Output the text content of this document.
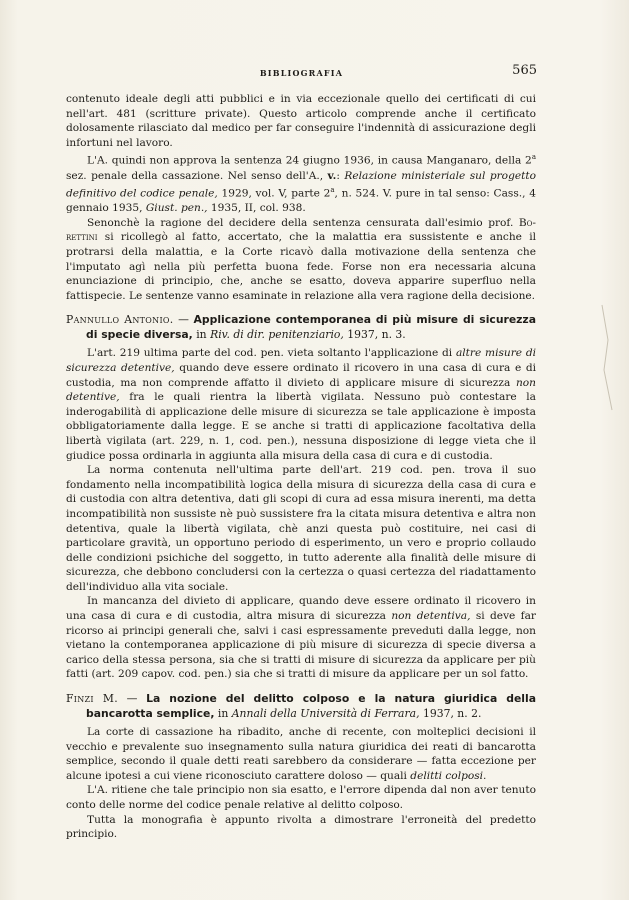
BIBLIOGRAFIA	565

contenuto ideale degli atti pubblici e in via eccezionale quello dei certificati di cui nell'art. 481 (scritture private). Questo articolo comprende anche il certificato dolosamente rilasciato dal medico per far conseguire l'indennità di assicurazione degli infortuni nel lavoro.

L'A. quindi non approva la sentenza 24 giugno 1936, in causa Manganaro, della 2$^a$ sez. penale della cassazione. Nel senso dell'A., v.: Relazione ministeriale sul progetto definitivo del codice penale, 1929, vol. V, parte 2$^a$, n. 524. V. pure in tal senso: Cass., 4 gennaio 1935, Giust. pen., 1935, II, col. 938.

Senonchè la ragione del decidere della sentenza censurata dall'esimio prof. Borettini si ricollegò al fatto, accertato, che la malattia era sussistente e anche il protrarsi della malattia, e la Corte ricavò dalla motivazione della sentenza che l'imputato agì nella più perfetta buona fede. Forse non era necessaria alcuna enunciazione di principio, che, anche se esatto, doveva apparire superfluo nella fattispecie. Le sentenze vanno esaminate in relazione alla vera ragione della decisione.

Pannullo Antonio. — Applicazione contemporanea di più misure di sicurezza di specie diversa, in Riv. di dir. penitenziario, 1937, n. 3.

L'art. 219 ultima parte del cod. pen. vieta soltanto l'applicazione di altre misure di sicurezza detentive, quando deve essere ordinato il ricovero in una casa di cura e di custodia, ma non comprende affatto il divieto di applicare misure di sicurezza non detentive, fra le quali rientra la libertà vigilata. Nessuno può contestare la inderogabilità di applicazione delle misure di sicurezza se tale applicazione è imposta obbligatoriamente dalla legge. E se anche si tratti di applicazione facoltativa della libertà vigilata (art. 229, n. 1, cod. pen.), nessuna disposizione di legge vieta che il giudice possa ordinarla in aggiunta alla misura della casa di cura e di custodia.

La norma contenuta nell'ultima parte dell'art. 219 cod. pen. trova il suo fondamento nella incompatibilità logica della misura di sicurezza della casa di cura e di custodia con altra detentiva, dati gli scopi di cura ad essa misura inerenti, ma detta incompatibilità non sussiste nè può sussistere fra la citata misura detentiva e altra non detentiva, quale la libertà vigilata, chè anzi questa può costituire, nei casi di particolare gravità, un opportuno periodo di esperimento, un vero e proprio collaudo delle condizioni psichiche del soggetto, in tutto aderente alla finalità delle misure di sicurezza, che debbono concludersi con la certezza o quasi certezza del riadattamento dell'individuo alla vita sociale.

In mancanza del divieto di applicare, quando deve essere ordinato il ricovero in una casa di cura e di custodia, altra misura di sicurezza non detentiva, si deve far ricorso ai principi generali che, salvi i casi espressamente preveduti dalla legge, non vietano la contemporanea applicazione di più misure di sicurezza di specie diversa a carico della stessa persona, sia che si tratti di misure di sicurezza da applicare per più fatti (art. 209 capov. cod. pen.) sia che si tratti di misure da applicare per un sol fatto.

Finzi M. — La nozione del delitto colposo e la natura giuridica della bancarotta semplice, in Annali della Università di Ferrara, 1937, n. 2.

La corte di cassazione ha ribadito, anche di recente, con molteplici decisioni il vecchio e prevalente suo insegnamento sulla natura giuridica dei reati di bancarotta semplice, secondo il quale detti reati sarebbero da considerare — fatta eccezione per alcune ipotesi a cui viene riconosciuto carattere doloso — quali delitti colposi.

L'A. ritiene che tale principio non sia esatto, e l'errore dipenda dal non aver tenuto conto delle norme del codice penale relative al delitto colposo.

Tutta la monografia è appunto rivolta a dimostrare l'erroneità del predetto principio.
